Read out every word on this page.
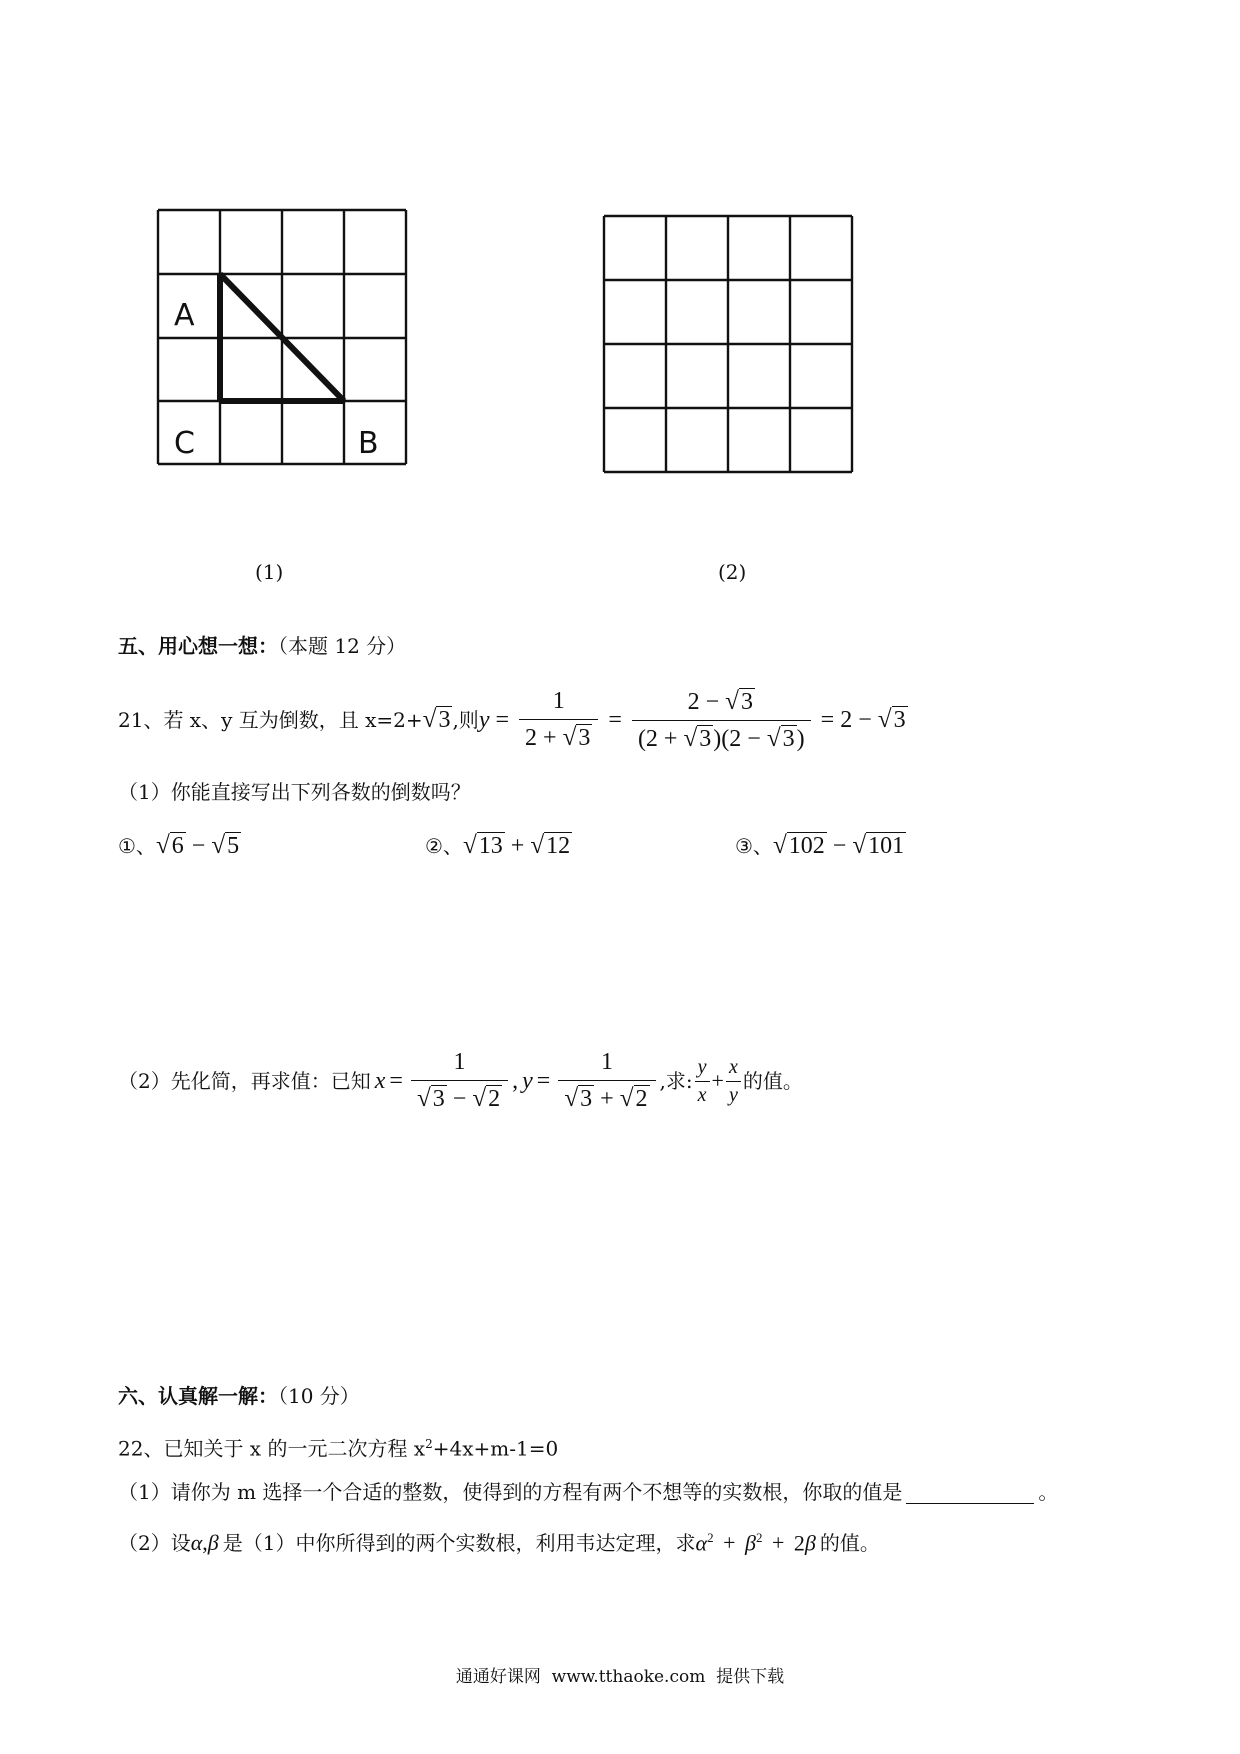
A
C	B
(1)	(2)
五、用心想一想：（本题 12 分）
21、若 x、y 互为倒数，且 x=2+ √3 ,则 $y = \frac{1}{2 + √3} = \frac{2 - √3}{(2 + √3)(2 - √3)} = 2 - √3$
（1）你能直接写出下列各数的倒数吗？
①、 √6 − √5	②、 √13 + √12	③、 √102 − √101
（2）先化简，再求值：已知 $x = \frac{1}{√3 - √2}$ , $y = \frac{1}{√3 + √2}$ ,求: $\frac{y}{x} + \frac{x}{y}$ 的值。
六、认真解一解：（10 分）
22、已知关于 x 的一元二次方程 $x^2+4x+m-1=0$
（1）请你为 m 选择一个合适的整数，使得到的方程有两个不想等的实数根，你取的值是	。
（2）设 α , β 是（1）中你所得到的两个实数根，利用韦达定理，求 $\alpha^2 + \beta^2 + 2\beta$ 的值。
通通好课网  www.tthaoke.com  提供下载
